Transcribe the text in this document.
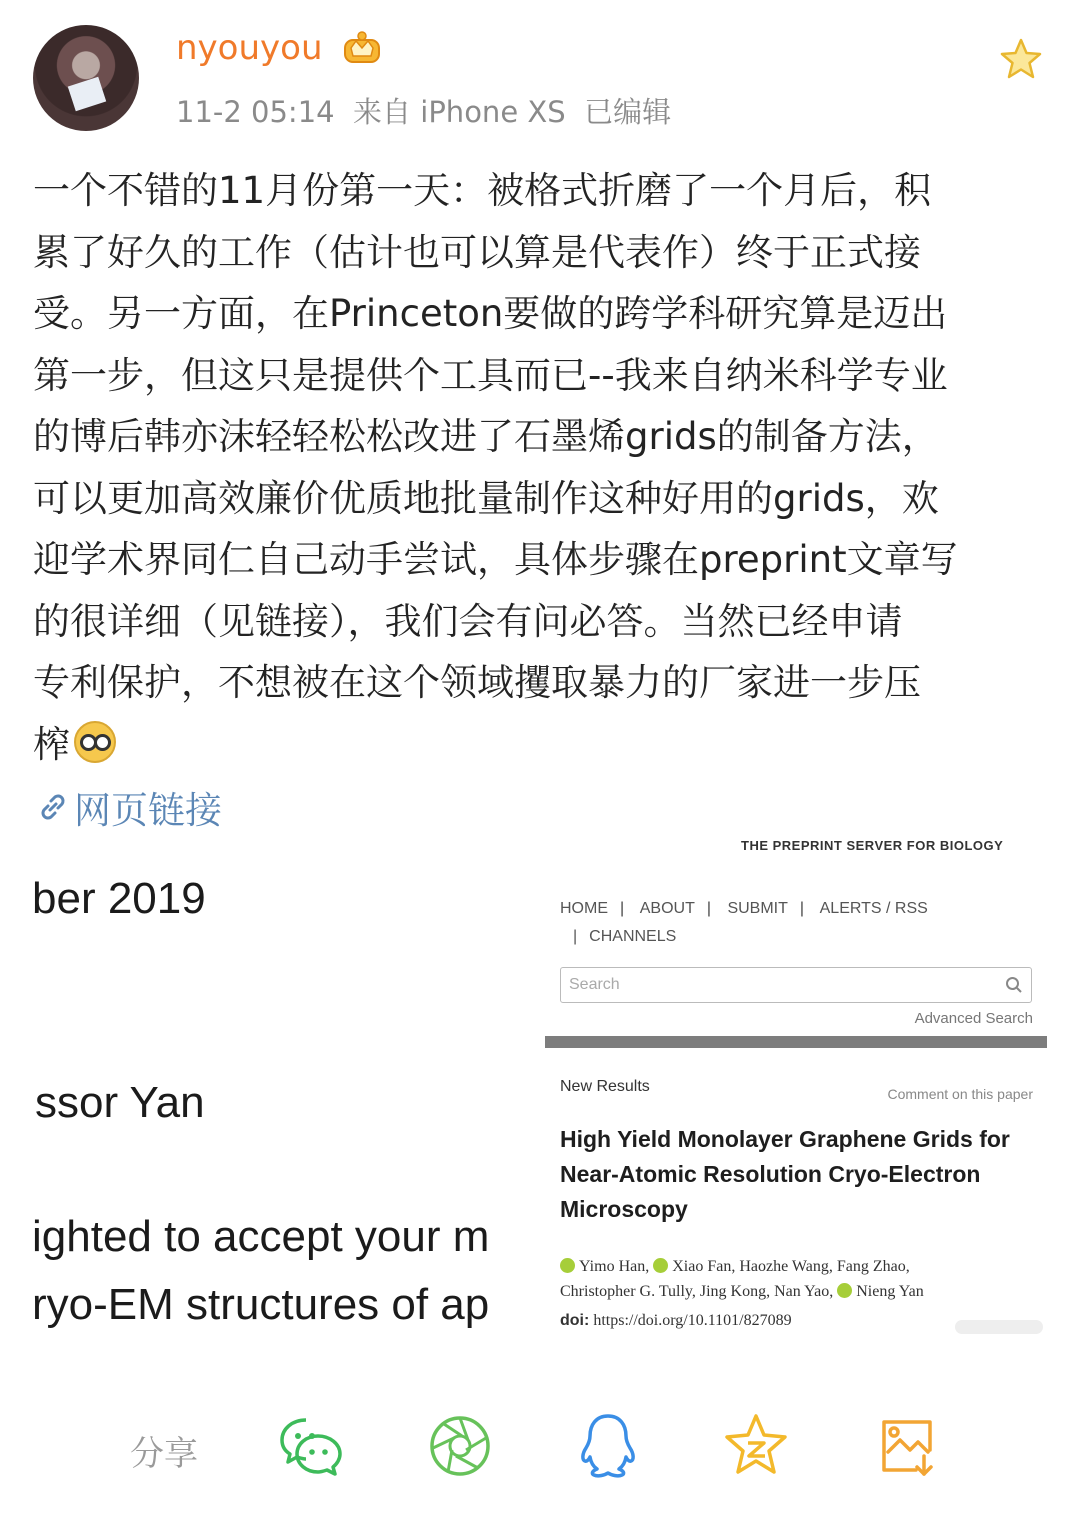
nyouyou
11-2 05:14 来自 iPhone XS 已编辑
一个不错的11月份第一天：被格式折磨了一个月后，积
累了好久的工作（估计也可以算是代表作）终于正式接
受。另一方面，在Princeton要做的跨学科研究算是迈出
第一步，但这只是提供个工具而已--我来自纳米科学专业
的博后韩亦沫轻轻松松改进了石墨烯grids的制备方法，
可以更加高效廉价优质地批量制作这种好用的grids，欢
迎学术界同仁自己动手尝试，具体步骤在preprint文章写
的很详细（见链接），我们会有问必答。当然已经申请
专利保护，不想被在这个领域攫取暴力的厂家进一步压
榨
网页链接
ber 2019
ssor Yan
ighted to accept your m
ryo-EM structures of ap
THE PREPRINT SERVER FOR BIOLOGY
HOME | ABOUT | SUBMIT | ALERTS / RSS
| CHANNELS
Search
Advanced Search
New Results	Comment on this paper
High Yield Monolayer Graphene Grids for Near-Atomic Resolution Cryo-Electron Microscopy
Yimo Han, Xiao Fan, Haozhe Wang, Fang Zhao,
Christopher G. Tully, Jing Kong, Nan Yao, Nieng Yan
doi: https://doi.org/10.1101/827089
分享
